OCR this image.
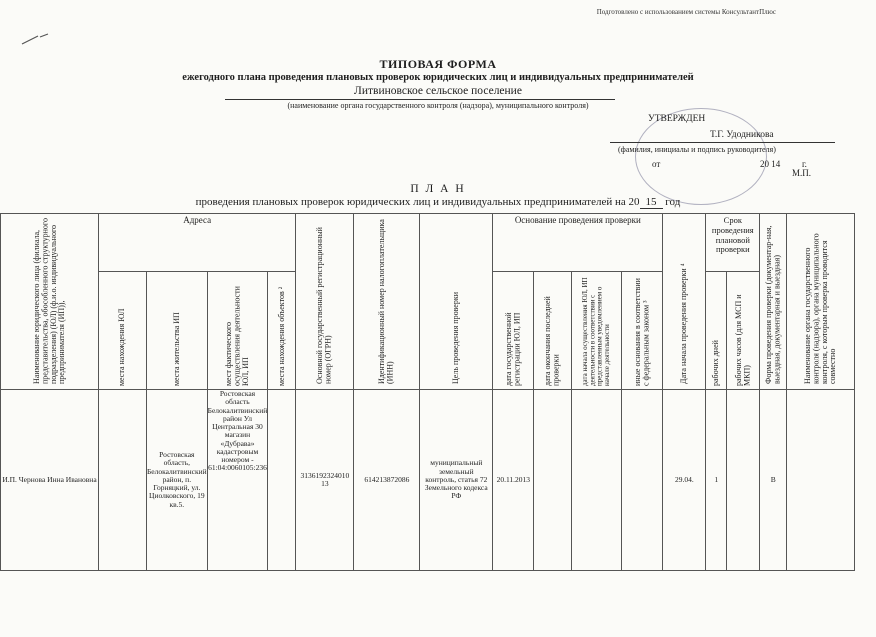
Подготовлено с использованием системы КонсультантПлюс
ТИПОВАЯ ФОРМА
ежегодного плана проведения плановых проверок юридических лиц и индивидуальных предпринимателей
Литвиновское сельское поселение
(наименование органа государственного контроля (надзора), муниципального контроля)
УТВЕРЖДЕН
Т.Г. Удодникова
(фамилия, инициалы и подпись руководителя)
от	20 14 г.
М.П.
П Л А Н
проведения плановых проверок юридических лиц и индивидуальных предпринимателей на 20 15 год
Наименование юридического лица (филиала, представительства, обособленного структурного подразделения) (ЮЛ) (ф.и.о. индивидуального предпринимателя (ИП)),	Адреса				Основной государственный регистрационный номер (ОГРН)	Идентификационный номер налогоплательщика (ИНН)	Цель проведения проверки	Основание проведения проверки				Дата начала проведения проверки ⁴	Срок проведения плановой проверки		Форма проведения проверки (документар-ная, выездная, документарная и выездная)	Наименование органа государственного контроля (надзора), органа муниципального контроля, с которым проверка проводится совместно

	места нахождения ЮЛ	места жительства ИП	мест фактического осуществления деятельности ЮЛ, ИП	места нахождения объектов ²				дата государственной регистрации ЮЛ, ИП	дата окончания последней проверки	дата начала осуществления ЮЛ, ИП деятельности в соответствии с представленным уведомлением о начале деятельности	иные основания в соответствии с федеральным законом ³		рабочих дней	рабочих часов (для МСП и МКП)		

И.П. Чернова Инна Ивановна		Ростовская область, Белокалитвинский район, п. Горняцкий, ул. Циолковского, 19 кв.5.	Ростовская область Белокалитвинский район Ул Центральная 30 магазин «Дубрава» кадастровым номером - 61:04:0060105:236		313619232401013	614213872086	муниципальный земельный контроль, статья 72 Земельного кодекса РФ	20.11.2013				29.04.	1		В	
